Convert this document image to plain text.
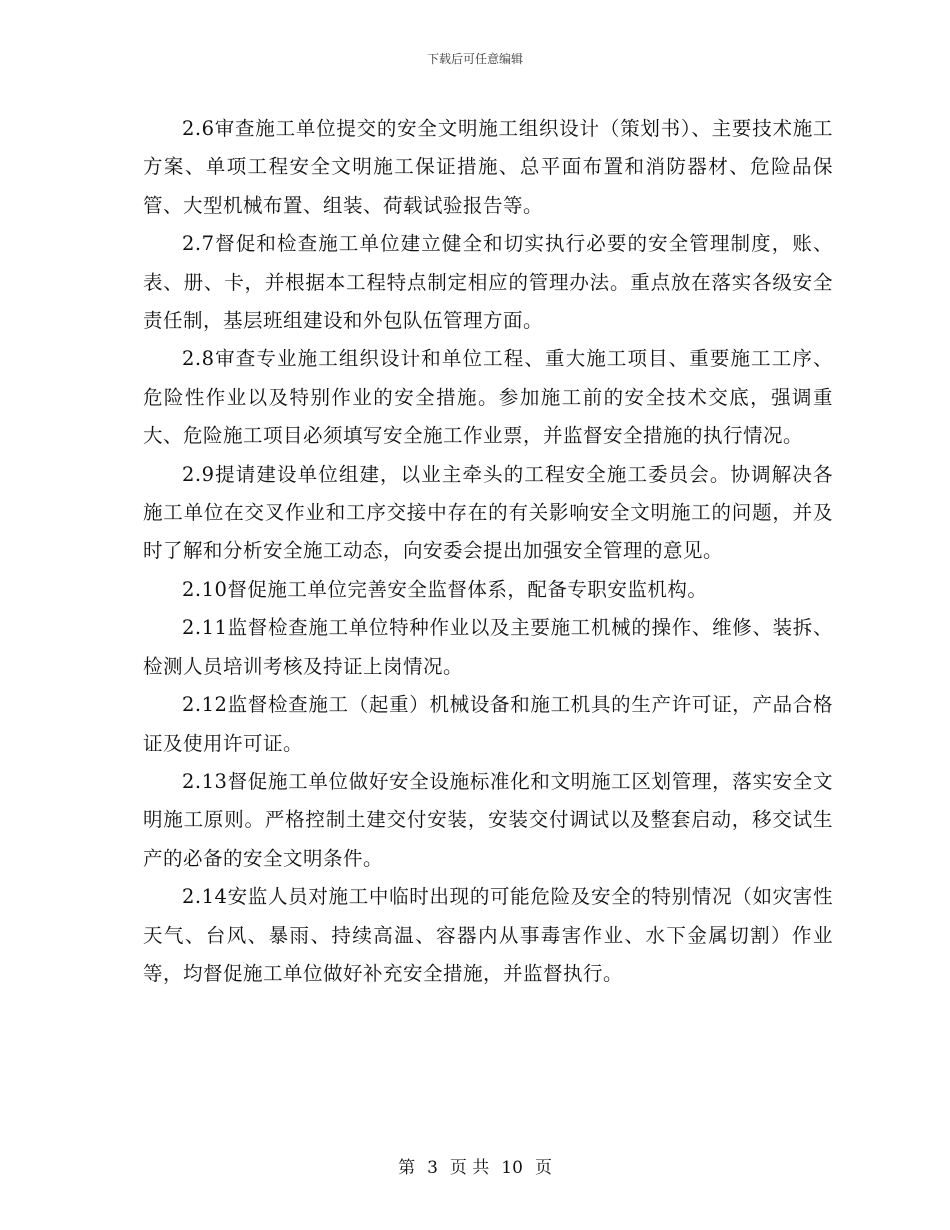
下载后可任意编辑

2.6审查施工单位提交的安全文明施工组织设计（策划书）、主要技术施工方案、单项工程安全文明施工保证措施、总平面布置和消防器材、危险品保管、大型机械布置、组装、荷载试验报告等。

2.7督促和检查施工单位建立健全和切实执行必要的安全管理制度，账、表、册、卡，并根据本工程特点制定相应的管理办法。重点放在落实各级安全责任制，基层班组建设和外包队伍管理方面。

2.8审查专业施工组织设计和单位工程、重大施工项目、重要施工工序、危险性作业以及特别作业的安全措施。参加施工前的安全技术交底，强调重大、危险施工项目必须填写安全施工作业票，并监督安全措施的执行情况。

2.9提请建设单位组建，以业主牵头的工程安全施工委员会。协调解决各施工单位在交叉作业和工序交接中存在的有关影响安全文明施工的问题，并及时了解和分析安全施工动态，向安委会提出加强安全管理的意见。

2.10督促施工单位完善安全监督体系，配备专职安监机构。

2.11监督检查施工单位特种作业以及主要施工机械的操作、维修、装拆、检测人员培训考核及持证上岗情况。

2.12监督检查施工（起重）机械设备和施工机具的生产许可证，产品合格证及使用许可证。

2.13督促施工单位做好安全设施标准化和文明施工区划管理，落实安全文明施工原则。严格控制土建交付安装，安装交付调试以及整套启动，移交试生产的必备的安全文明条件。

2.14安监人员对施工中临时出现的可能危险及安全的特别情况（如灾害性天气、台风、暴雨、持续高温、容器内从事毒害作业、水下金属切割）作业等，均督促施工单位做好补充安全措施，并监督执行。

第 3 页 共 10 页
